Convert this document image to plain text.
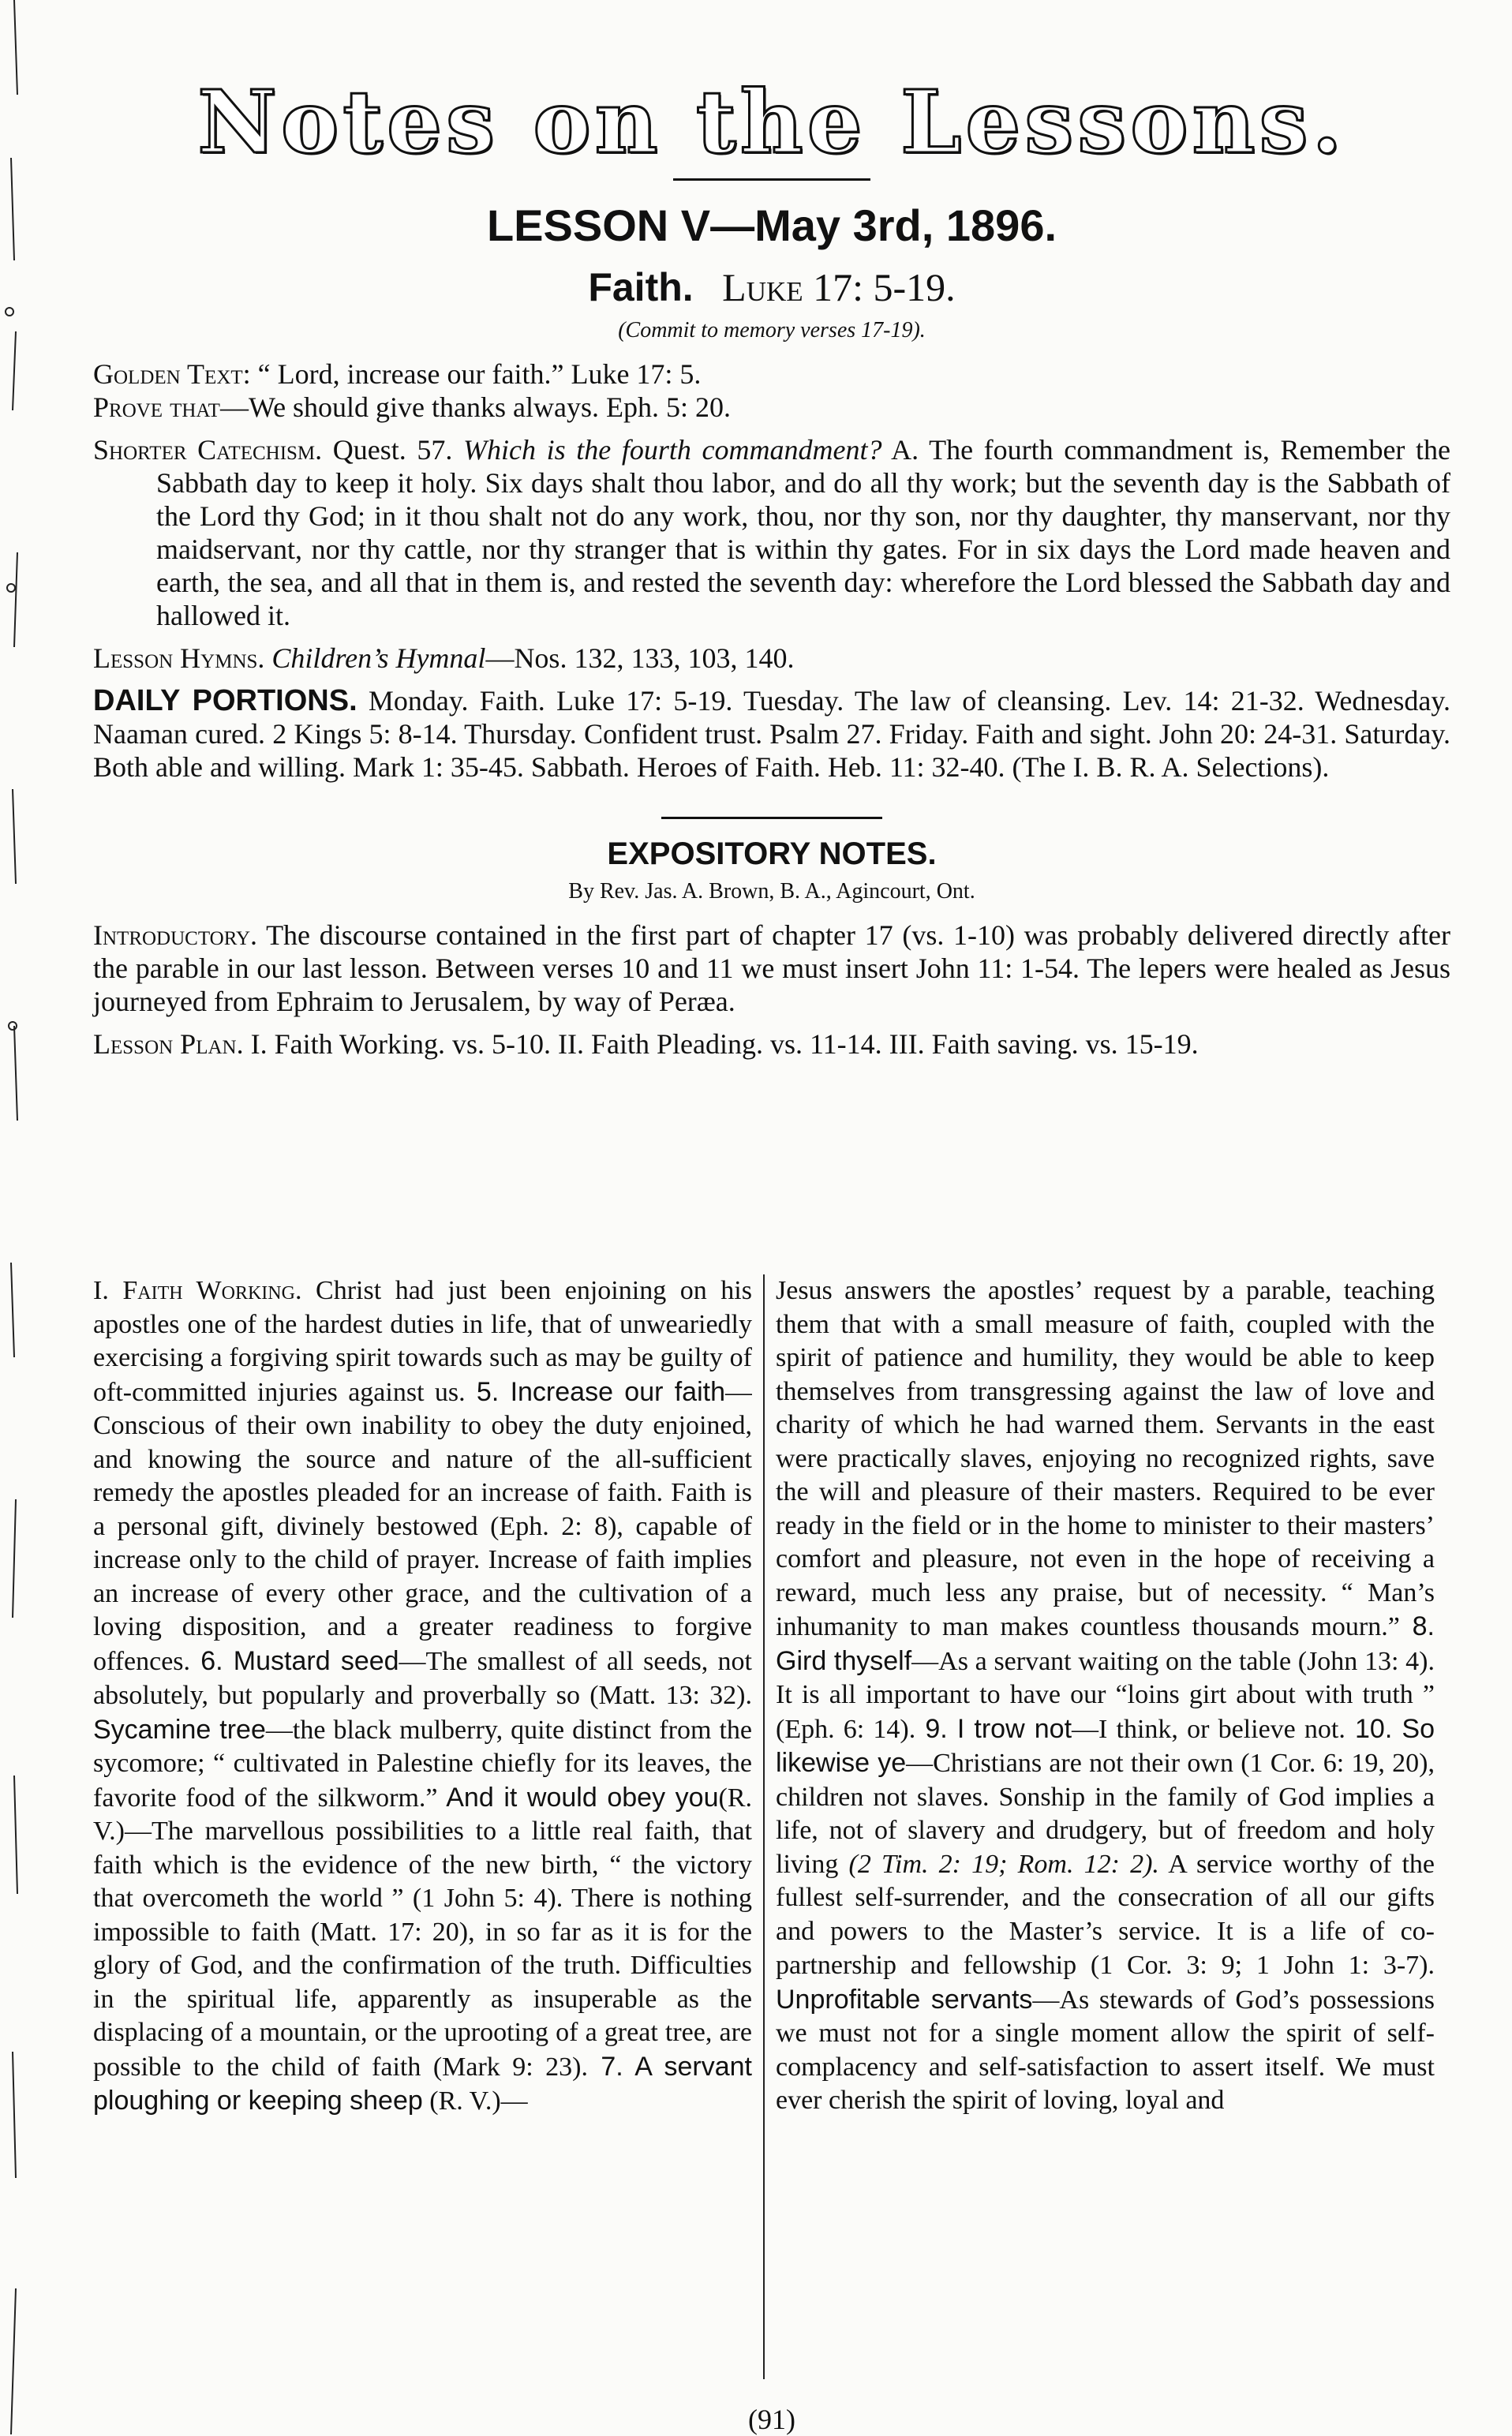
Notes on the Lessons.
LESSON V—May 3rd, 1896.
Faith. Luke 17: 5-19.
(Commit to memory verses 17-19).
Golden Text: “ Lord, increase our faith.” Luke 17: 5.
Prove that—We should give thanks always. Eph. 5: 20.
Shorter Catechism. Quest. 57. Which is the fourth commandment? A. The fourth commandment is, Remember the Sabbath day to keep it holy. Six days shalt thou labor, and do all thy work; but the seventh day is the Sabbath of the Lord thy God; in it thou shalt not do any work, thou, nor thy son, nor thy daughter, thy manservant, nor thy maidservant, nor thy cattle, nor thy stranger that is within thy gates. For in six days the Lord made heaven and earth, the sea, and all that in them is, and rested the seventh day: wherefore the Lord blessed the Sabbath day and hallowed it.
Lesson Hymns. Children’s Hymnal—Nos. 132, 133, 103, 140.
DAILY PORTIONS. Monday. Faith. Luke 17: 5-19. Tuesday. The law of cleansing. Lev. 14: 21-32. Wednesday. Naaman cured. 2 Kings 5: 8-14. Thursday. Confident trust. Psalm 27. Friday. Faith and sight. John 20: 24-31. Saturday. Both able and willing. Mark 1: 35-45. Sabbath. Heroes of Faith. Heb. 11: 32-40. (The I. B. R. A. Selections).
EXPOSITORY NOTES.
By Rev. Jas. A. Brown, B. A., Agincourt, Ont.
Introductory. The discourse contained in the first part of chapter 17 (vs. 1-10) was probably delivered directly after the parable in our last lesson. Between verses 10 and 11 we must insert John 11: 1-54. The lepers were healed as Jesus journeyed from Ephraim to Jerusalem, by way of Peræa.
Lesson Plan. I. Faith Working. vs. 5-10. II. Faith Pleading. vs. 11-14. III. Faith saving. vs. 15-19.
I. Faith Working. Christ had just been enjoining on his apostles one of the hardest duties in life, that of unweariedly exercising a forgiving spirit towards such as may be guilty of oft-committed injuries against us. 5. Increase our faith—Conscious of their own inability to obey the duty enjoined, and knowing the source and nature of the all-sufficient remedy the apostles pleaded for an increase of faith. Faith is a personal gift, divinely bestowed (Eph. 2: 8), capable of increase only to the child of prayer. Increase of faith implies an increase of every other grace, and the cultivation of a loving disposition, and a greater readiness to forgive offences. 6. Mustard seed—The smallest of all seeds, not absolutely, but popularly and proverbally so (Matt. 13: 32). Sycamine tree—the black mulberry, quite distinct from the sycomore; “ cultivated in Palestine chiefly for its leaves, the favorite food of the silkworm.” And it would obey you(R. V.)—The marvellous possibilities to a little real faith, that faith which is the evidence of the new birth, “ the victory that overcometh the world ” (1 John 5: 4). There is nothing impossible to faith (Matt. 17: 20), in so far as it is for the glory of God, and the confirmation of the truth. Difficulties in the spiritual life, apparently as insuperable as the displacing of a mountain, or the uprooting of a great tree, are possible to the child of faith (Mark 9: 23). 7. A servant ploughing or keeping sheep (R. V.)—
Jesus answers the apostles’ request by a parable, teaching them that with a small measure of faith, coupled with the spirit of patience and humility, they would be able to keep themselves from transgressing against the law of love and charity of which he had warned them. Servants in the east were practically slaves, enjoying no recognized rights, save the will and pleasure of their masters. Required to be ever ready in the field or in the home to minister to their masters’ comfort and pleasure, not even in the hope of receiving a reward, much less any praise, but of necessity. “ Man’s inhumanity to man makes countless thousands mourn.” 8. Gird thyself—As a servant waiting on the table (John 13: 4). It is all important to have our “loins girt about with truth ” (Eph. 6: 14). 9. I trow not—I think, or believe not. 10. So likewise ye—Christians are not their own (1 Cor. 6: 19, 20), children not slaves. Sonship in the family of God implies a life, not of slavery and drudgery, but of freedom and holy living (2 Tim. 2: 19; Rom. 12: 2). A service worthy of the fullest self-surrender, and the consecration of all our gifts and powers to the Master’s service. It is a life of co-partnership and fellowship (1 Cor. 3: 9; 1 John 1: 3-7). Unprofitable servants—As stewards of God’s possessions we must not for a single moment allow the spirit of self-complacency and self-satisfaction to assert itself. We must ever cherish the spirit of loving, loyal and
(91)
